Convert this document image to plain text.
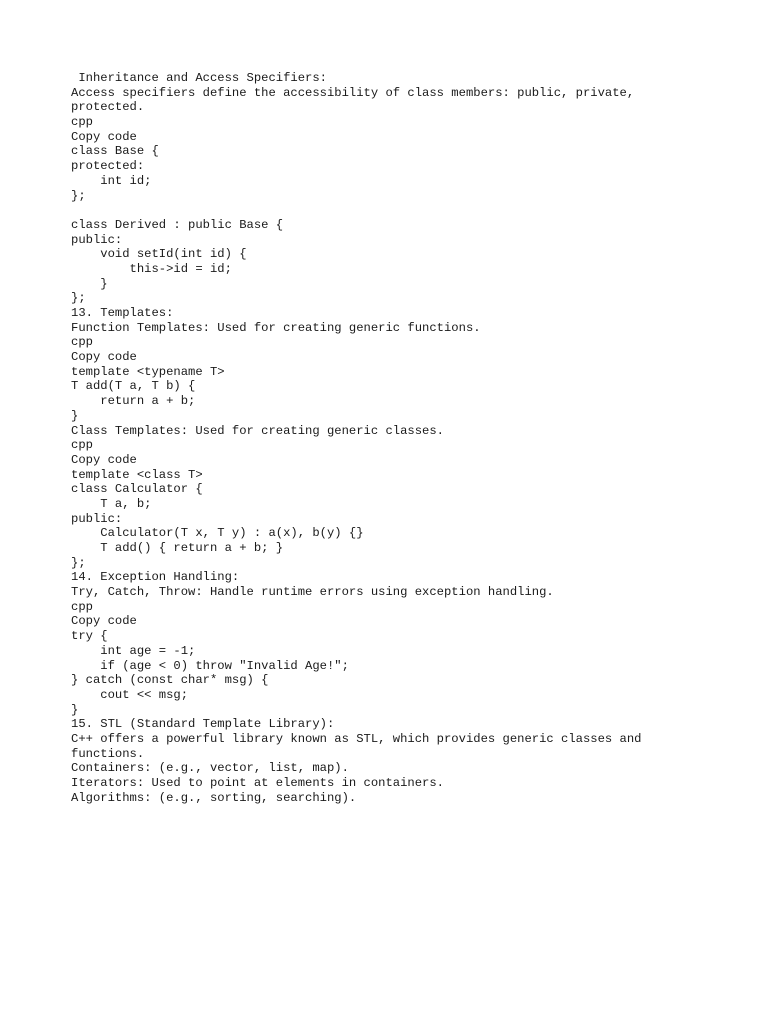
Inheritance and Access Specifiers:
Access specifiers define the accessibility of class members: public, private,
protected.
cpp
Copy code
class Base {
protected:
int id;
};
class Derived : public Base {
public:
void setId(int id) {
this->id = id;
}
};
13. Templates:
Function Templates: Used for creating generic functions.
cpp
Copy code
template <typename T>
T add(T a, T b) {
return a + b;
}
Class Templates: Used for creating generic classes.
cpp
Copy code
template <class T>
class Calculator {
T a, b;
public:
Calculator(T x, T y) : a(x), b(y) {}
T add() { return a + b; }
};
14. Exception Handling:
Try, Catch, Throw: Handle runtime errors using exception handling.
cpp
Copy code
try {
int age = -1;
if (age < 0) throw "Invalid Age!";
} catch (const char* msg) {
cout << msg;
}
15. STL (Standard Template Library):
C++ offers a powerful library known as STL, which provides generic classes and
functions.
Containers: (e.g., vector, list, map).
Iterators: Used to point at elements in containers.
Algorithms: (e.g., sorting, searching).
